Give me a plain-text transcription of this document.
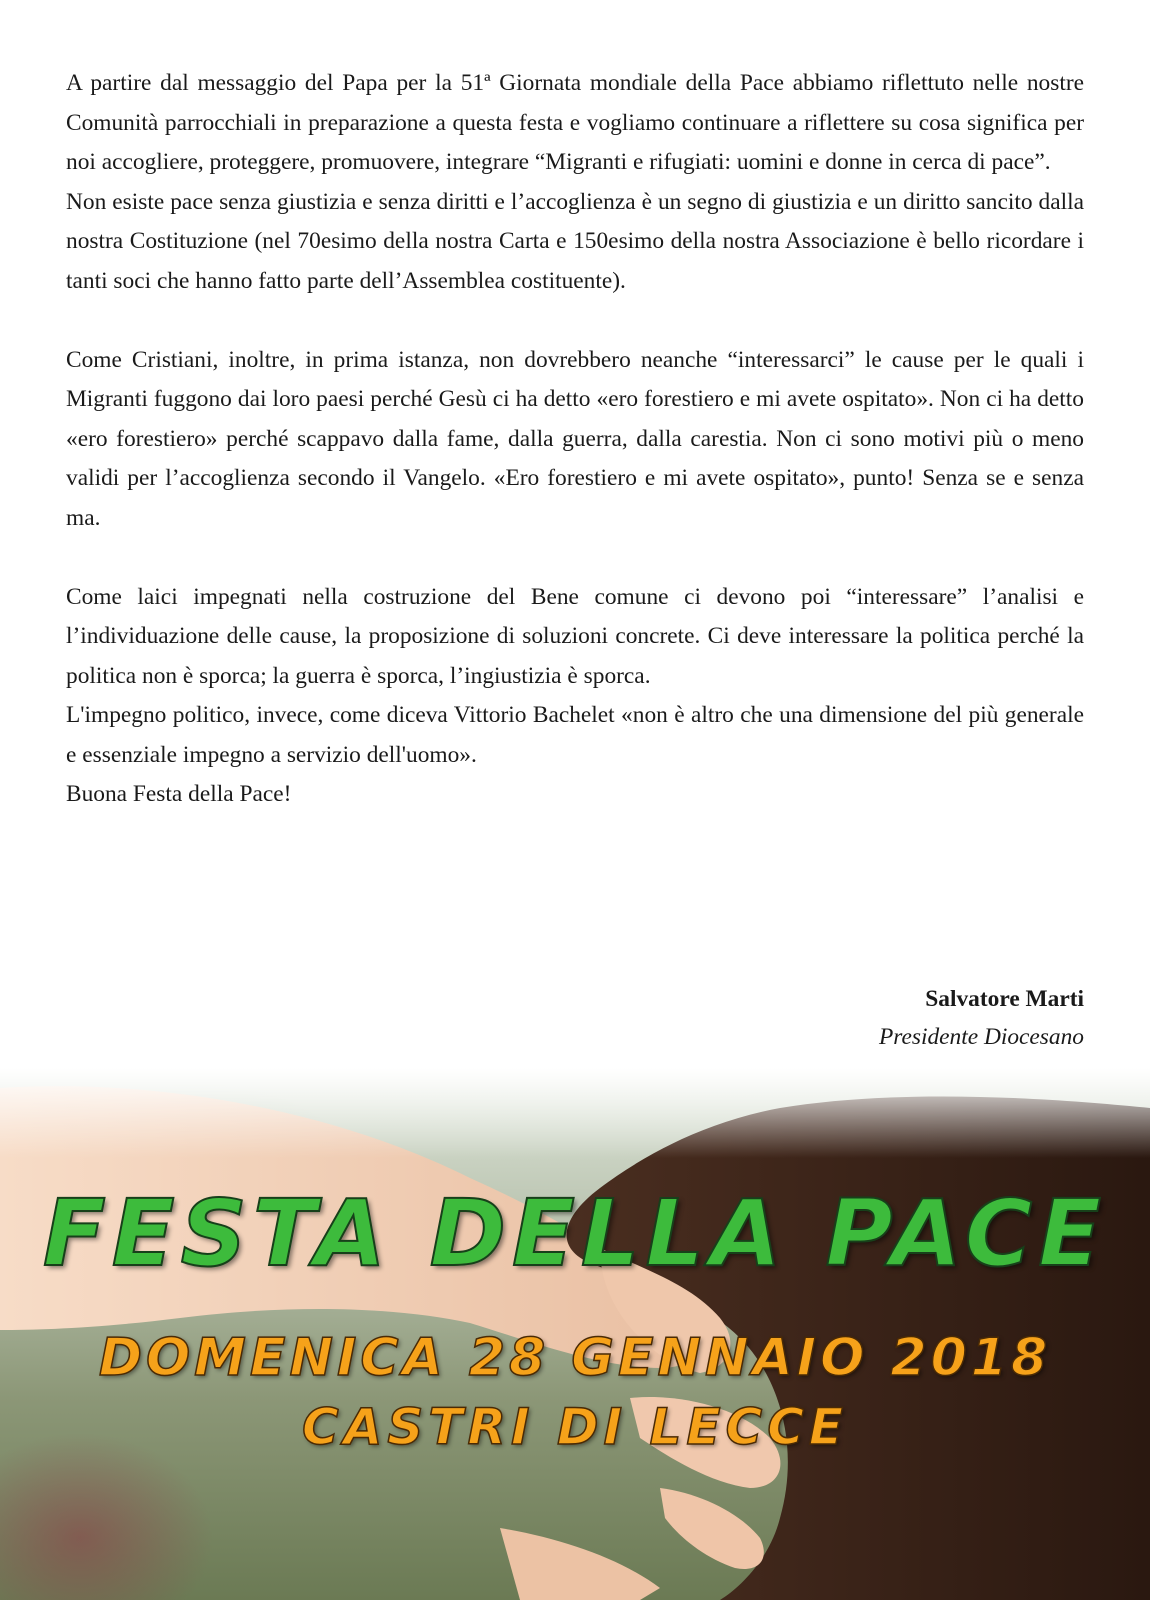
A partire dal messaggio del Papa per la 51ª Giornata mondiale della Pace abbiamo riflettuto nelle nostre Comunità parrocchiali in preparazione a questa festa e vogliamo continuare a riflettere su cosa significa per noi accogliere, proteggere, promuovere, integrare “Migranti e rifugiati: uomini e donne in cerca di pace”.

Non esiste pace senza giustizia e senza diritti e l’accoglienza è un segno di giustizia e un diritto sancito dalla nostra Costituzione (nel 70esimo della nostra Carta e 150esimo della nostra Associazione è bello ricordare i tanti soci che hanno fatto parte dell’Assemblea costituente).

Come Cristiani, inoltre, in prima istanza, non dovrebbero neanche “interessarci” le cause per le quali i Migranti fuggono dai loro paesi perché Gesù ci ha detto «ero forestiero e mi avete ospitato». Non ci ha detto «ero forestiero» perché scappavo dalla fame, dalla guerra, dalla carestia. Non ci sono motivi più o meno validi per l’accoglienza secondo il Vangelo. «Ero forestiero e mi avete ospitato», punto! Senza se e senza ma.

Come laici impegnati nella costruzione del Bene comune ci devono poi “interessare” l’analisi e l’individuazione delle cause, la proposizione di soluzioni concrete. Ci deve interessare la politica perché la politica non è sporca; la guerra è sporca, l’ingiustizia è sporca.

L'impegno politico, invece, come diceva Vittorio Bachelet «non è altro che una dimensione del più generale e essenziale impegno a servizio dell'uomo».

Buona Festa della Pace!

Salvatore Marti
Presidente Diocesano
FESTA DELLA PACE
DOMENICA 28 GENNAIO 2018
CASTRI DI LECCE
